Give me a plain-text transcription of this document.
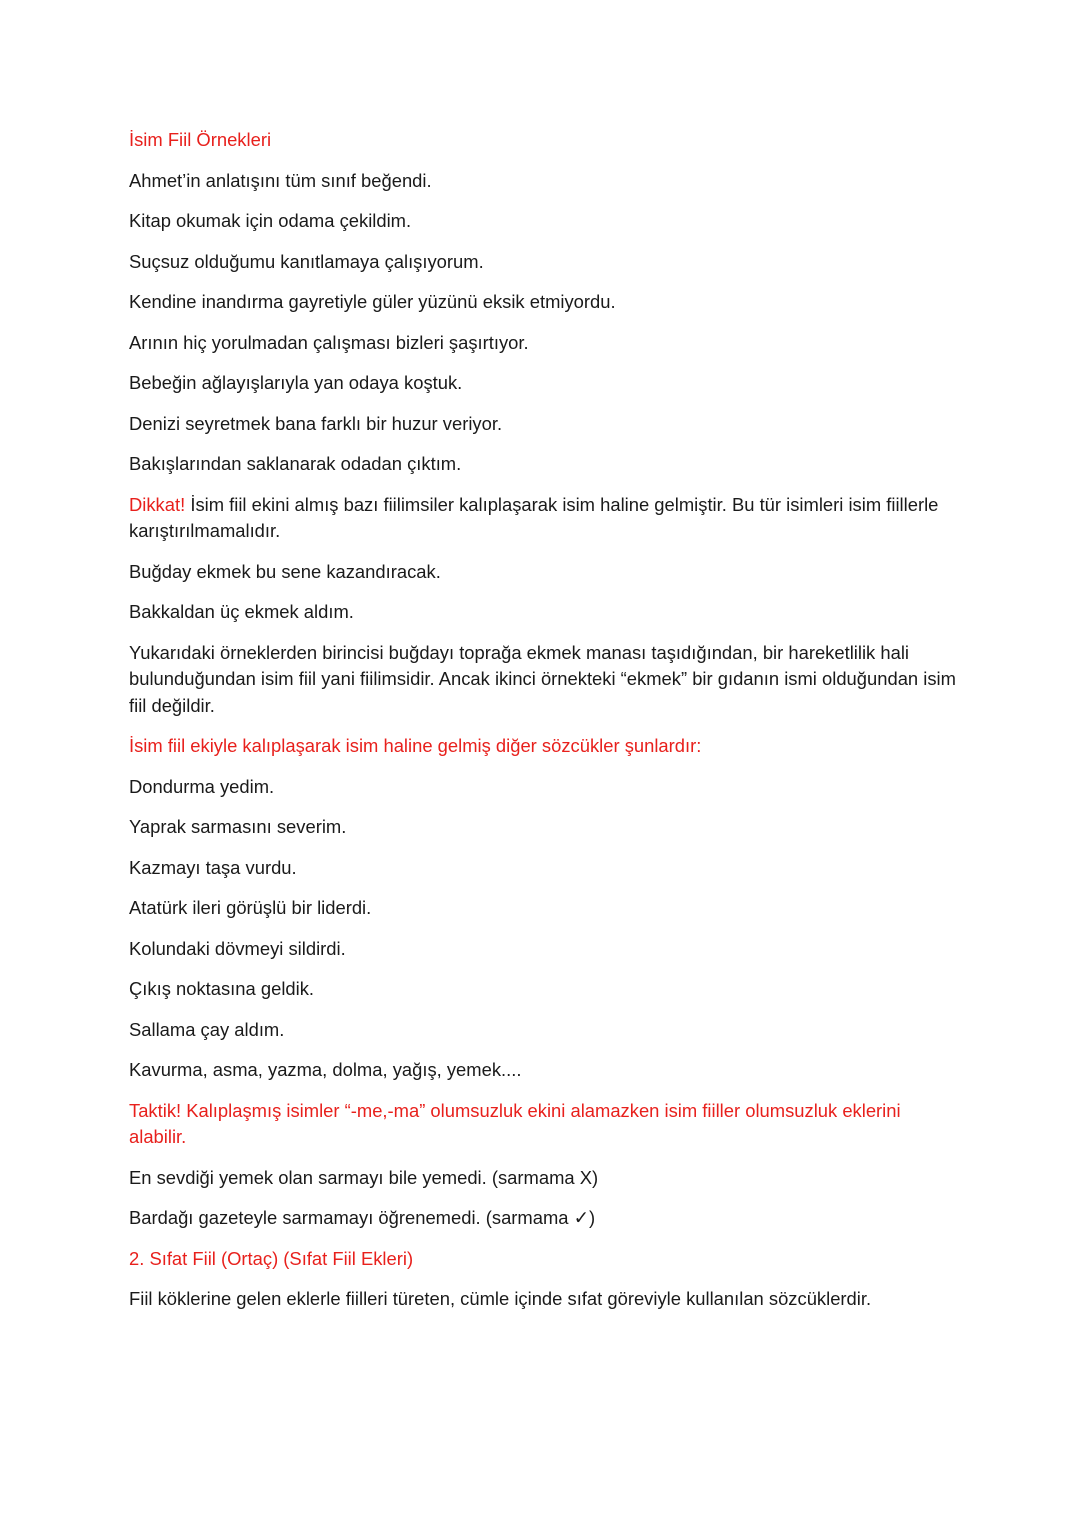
İsim Fiil Örnekleri

Ahmet’in anlatışını tüm sınıf beğendi.

Kitap okumak için odama çekildim.

Suçsuz olduğumu kanıtlamaya çalışıyorum.

Kendine inandırma gayretiyle güler yüzünü eksik etmiyordu.

Arının hiç yorulmadan çalışması bizleri şaşırtıyor.

Bebeğin ağlayışlarıyla yan odaya koştuk.

Denizi seyretmek bana farklı bir huzur veriyor.

Bakışlarından saklanarak odadan çıktım.

Dikkat! İsim fiil ekini almış bazı fiilimsiler kalıplaşarak isim haline gelmiştir. Bu tür isimleri isim fiillerle karıştırılmamalıdır.

Buğday ekmek bu sene kazandıracak.

Bakkaldan üç ekmek aldım.

Yukarıdaki örneklerden birincisi buğdayı toprağa ekmek manası taşıdığından, bir hareketlilik hali bulunduğundan isim fiil yani fiilimsidir. Ancak ikinci örnekteki “ekmek” bir gıdanın ismi olduğundan isim fiil değildir.

İsim fiil ekiyle kalıplaşarak isim haline gelmiş diğer sözcükler şunlardır:

Dondurma yedim.

Yaprak sarmasını severim.

Kazmayı taşa vurdu.

Atatürk ileri görüşlü bir liderdi.

Kolundaki dövmeyi sildirdi.

Çıkış noktasına geldik.

Sallama çay aldım.

Kavurma, asma, yazma, dolma, yağış, yemek....

Taktik! Kalıplaşmış isimler “-me,-ma” olumsuzluk ekini alamazken isim fiiller olumsuzluk eklerini alabilir.

En sevdiği yemek olan sarmayı bile yemedi. (sarmama X)

Bardağı gazeteyle sarmamayı öğrenemedi. (sarmama ✓)

2. Sıfat Fiil (Ortaç) (Sıfat Fiil Ekleri)

Fiil köklerine gelen eklerle fiilleri türeten, cümle içinde sıfat göreviyle kullanılan sözcüklerdir.
